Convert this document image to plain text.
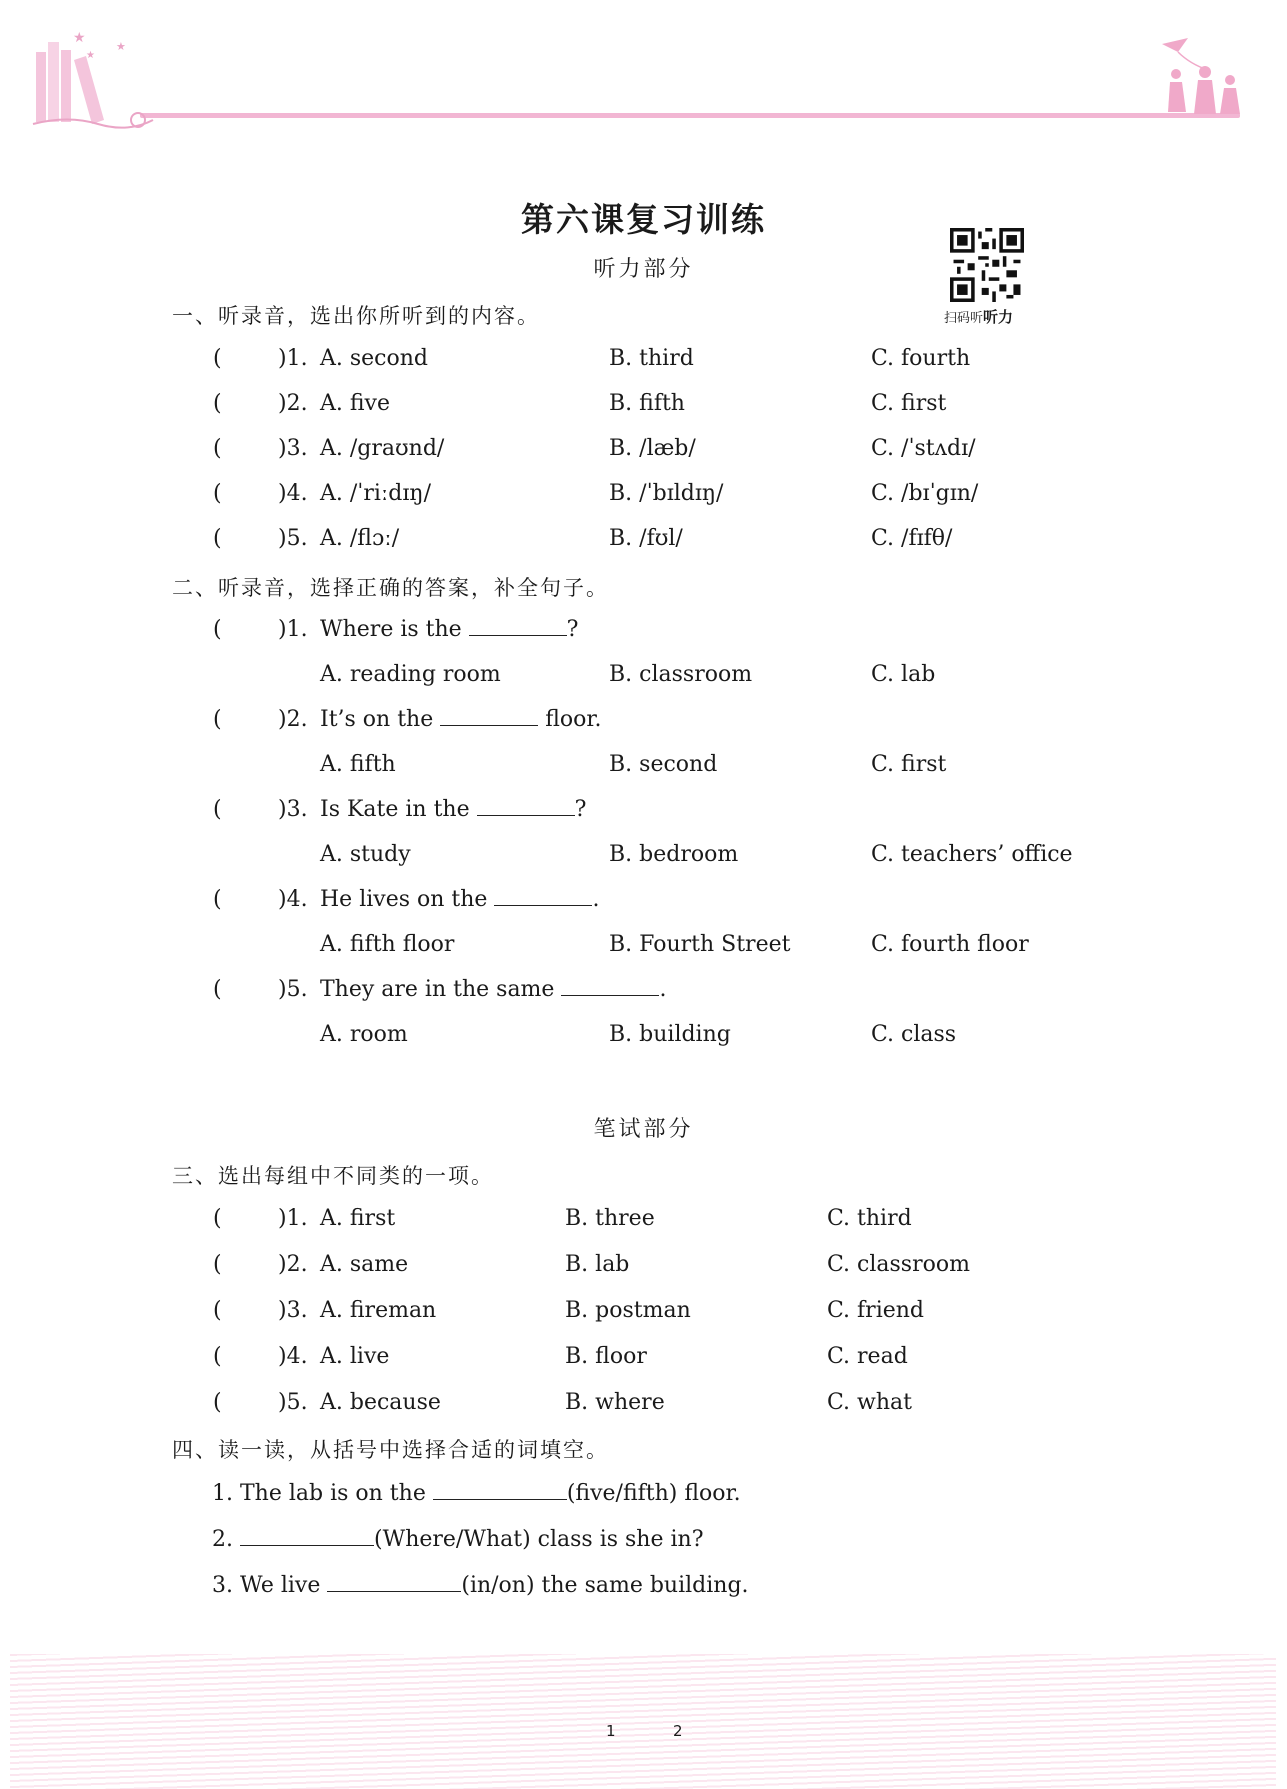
★
★
★
第六课复习训练
听力部分
扫码听听力
一、听录音，选出你所听到的内容。
(	)1. A. second	B. third	C. fourth
(	)2. A. five	B. fifth	C. first
(	)3. A. /graʊnd/	B. /læb/	C. /ˈstʌdɪ/
(	)4. A. /ˈriːdɪŋ/	B. /ˈbɪldɪŋ/	C. /bɪˈgɪn/
(	)5. A. /flɔː/	B. /fʊl/	C. /fɪfθ/
二、听录音，选择正确的答案，补全句子。
(	)1. Where is the	?
A. reading room	B. classroom	C. lab
(	)2. It’s on the	floor.
A. fifth	B. second	C. first
(	)3. Is Kate in the	?
A. study	B. bedroom	C. teachers’ office
(	)4. He lives on the	.
A. fifth floor	B. Fourth Street	C. fourth floor
(	)5. They are in the same	.
A. room	B. building	C. class
笔试部分
三、选出每组中不同类的一项。
(	)1. A. first	B. three	C. third
(	)2. A. same	B. lab	C. classroom
(	)3. A. fireman	B. postman	C. friend
(	)4. A. live	B. floor	C. read
(	)5. A. because	B. where	C. what
四、读一读，从括号中选择合适的词填空。
1. The lab is on the	(five/fifth) floor.
2.	(Where/What) class is she in?
3. We live	(in/on) the same building.
1	2
